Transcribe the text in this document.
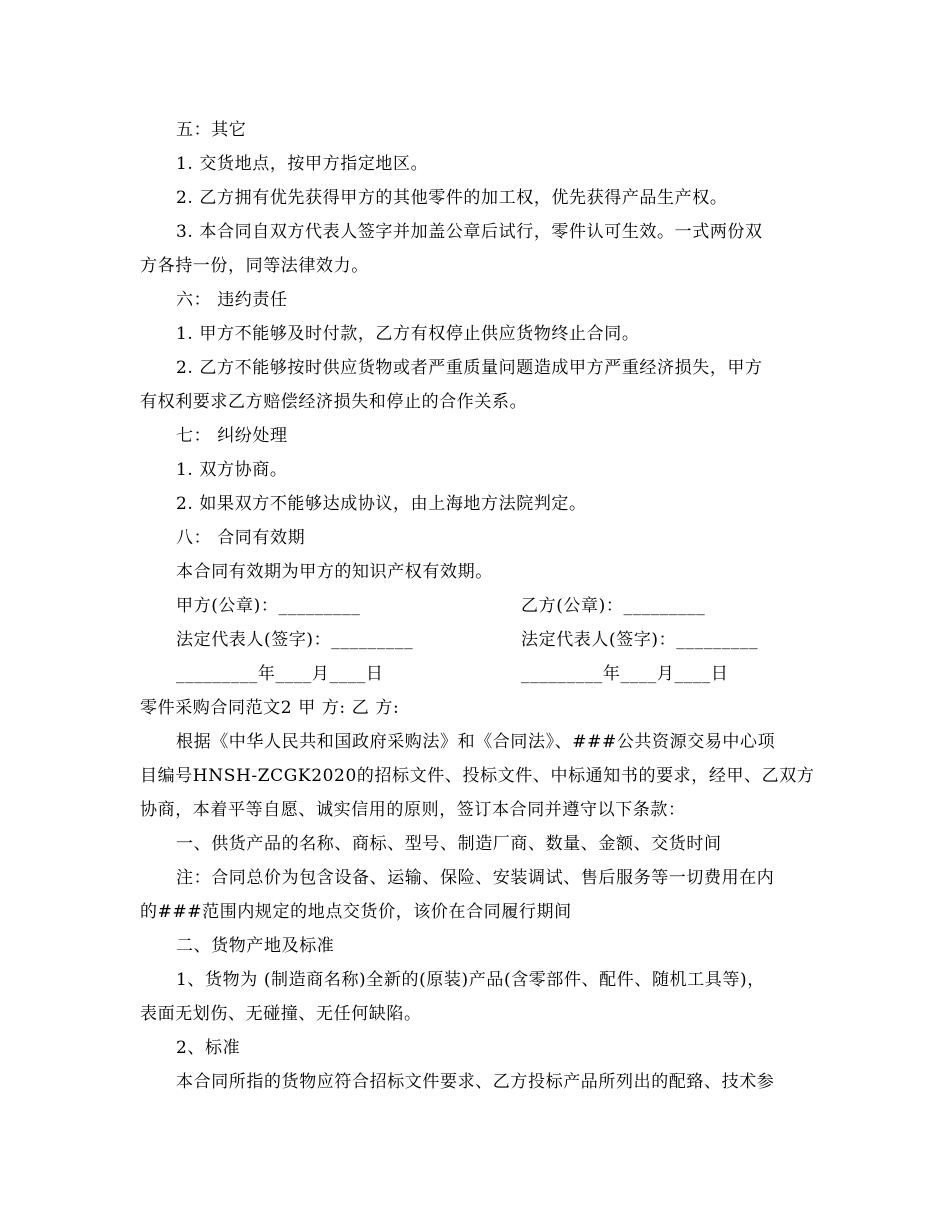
五：其它
1. 交货地点，按甲方指定地区。
2. 乙方拥有优先获得甲方的其他零件的加工权，优先获得产品生产权。
3. 本合同自双方代表人签字并加盖公章后试行，零件认可生效。一式两份双
方各持一份，同等法律效力。
六： 违约责任
1. 甲方不能够及时付款，乙方有权停止供应货物终止合同。
2. 乙方不能够按时供应货物或者严重质量问题造成甲方严重经济损失，甲方
有权利要求乙方赔偿经济损失和停止的合作关系。
七： 纠纷处理
1. 双方协商。
2. 如果双方不能够达成协议，由上海地方法院判定。
八： 合同有效期
本合同有效期为甲方的知识产权有效期。
甲方(公章)：_________	乙方(公章)：_________
法定代表人(签字)：_________	法定代表人(签字)：_________
_________年____月____日	_________年____月____日
零件采购合同范文2 甲 方: 乙 方:
根据《中华人民共和国政府采购法》和《合同法》、###公共资源交易中心项
目编号HNSH-ZCGK2020的招标文件、投标文件、中标通知书的要求，经甲、乙双方
协商，本着平等自愿、诚实信用的原则，签订本合同并遵守以下条款：
一、供货产品的名称、商标、型号、制造厂商、数量、金额、交货时间
注：合同总价为包含设备、运输、保险、安装调试、售后服务等一切费用在内
的###范围内规定的地点交货价，该价在合同履行期间
二、货物产地及标准
1、货物为 (制造商名称)全新的(原装)产品(含零部件、配件、随机工具等)，
表面无划伤、无碰撞、无任何缺陷。
2、标准
本合同所指的货物应符合招标文件要求、乙方投标产品所列出的配臵、技术参
